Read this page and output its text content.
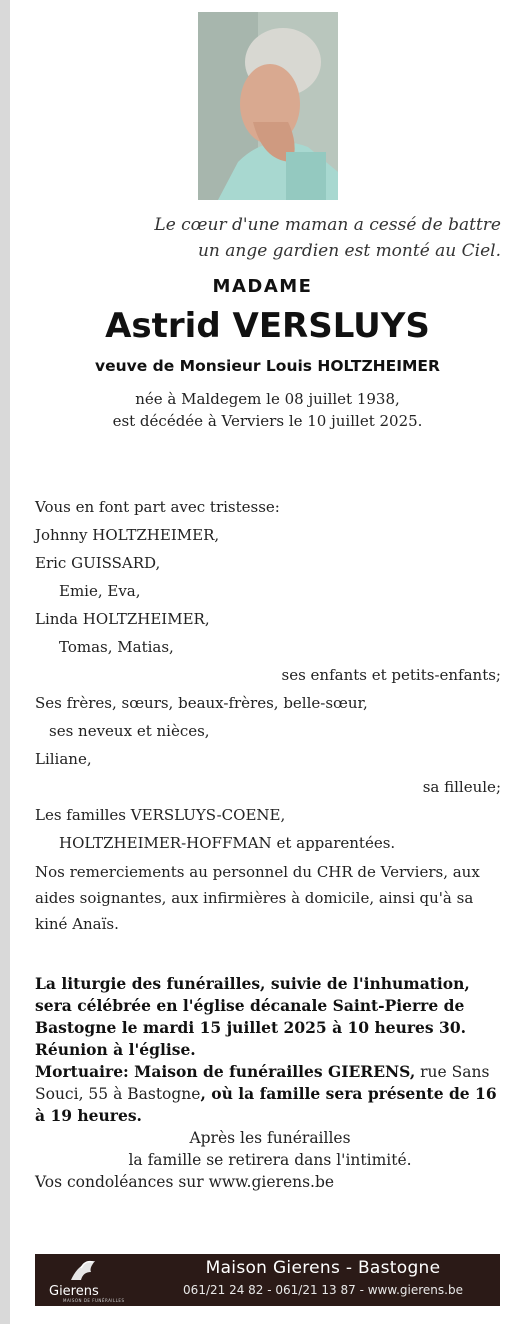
Le cœur d'une maman a cessé de battre
un ange gardien est monté au Ciel.
MADAME
Astrid VERSLUYS
veuve de Monsieur Louis HOLTZHEIMER
née à Maldegem le 08 juillet 1938,
est décédée à Verviers le 10 juillet 2025.
Vous en font part avec tristesse:
Johnny HOLTZHEIMER,
Eric GUISSARD,
Emie, Eva,
Linda HOLTZHEIMER,
Tomas, Matias,
ses enfants et petits-enfants;
Ses frères, sœurs, beaux-frères, belle-sœur,
ses neveux et nièces,
Liliane,
sa filleule;
Les familles VERSLUYS-COENE,
HOLTZHEIMER-HOFFMAN et apparentées.
Nos remerciements au personnel du CHR de Verviers, aux aides soignantes, aux infirmières à domicile, ainsi qu'à sa kiné Anaïs.
La liturgie des funérailles, suivie de l'inhumation, sera célébrée en l'église décanale Saint-Pierre de Bastogne le mardi 15 juillet 2025 à 10 heures 30.
Réunion à l'église.
Mortuaire: Maison de funérailles GIERENS, rue Sans Souci, 55 à Bastogne, où la famille sera présente de 16 à 19 heures.
Après les funérailles
la famille se retirera dans l'intimité.
Vos condoléances sur www.gierens.be
Gierens
MAISON DE FUNÉRAILLES
Maison Gierens - Bastogne
061/21 24 82 - 061/21 13 87 - www.gierens.be
